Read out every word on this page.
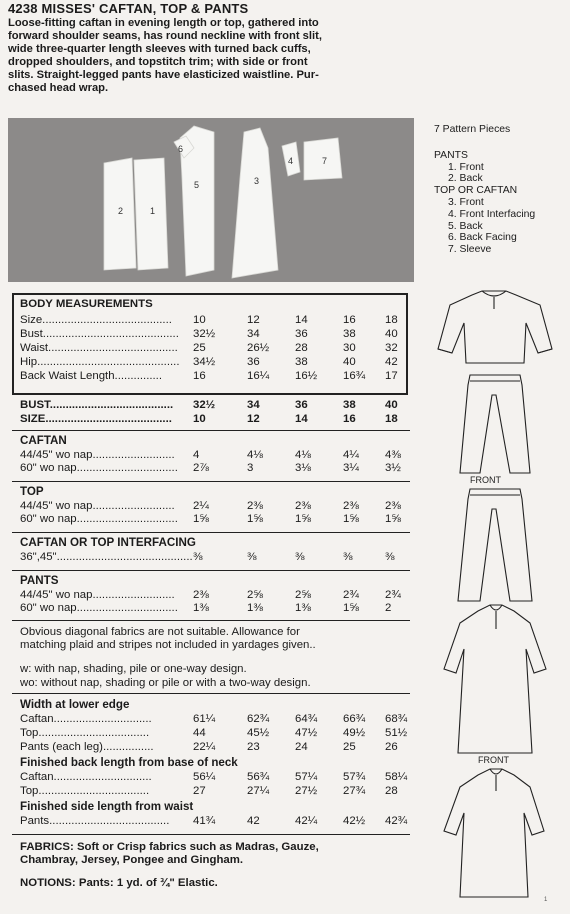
4238 MISSES' CAFTAN, TOP & PANTS
Loose-fitting caftan in evening length or top, gathered into
forward shoulder seams, has round neckline with front slit,
wide three-quarter length sleeves with turned back cuffs,
dropped shoulders, and topstitch trim; with side or front
slits. Straight-legged pants have elasticized waistline. Pur-
chased head wrap.
1
2
5
6
3
4	7
7 Pattern Pieces
PANTS
1. Front
2. Back
TOP OR CAFTAN
3. Front
4. Front Interfacing
5. Back
6. Back Facing
7. Sleeve
BODY MEASUREMENTS
Size......................................... 10	12	14	16	18
Bust........................................... 32½	34	36	38	40
Waist......................................... 25	26½	28	30	32
Hip............................................. 34½	36	38	40	42
Back Waist Length...............	16	16¼	16½	16¾	17
BUST....................................... 32½	34	36	38	40
SIZE........................................ 10	12	14	16	18
CAFTAN
44/45" wo nap.......................... 4	4⅛	4⅛	4¼	4⅜
60" wo nap................................ 2⅞	3	3⅛	3¼	3½
TOP
44/45" wo nap.......................... 2¼	2⅜	2⅜	2⅜	2⅜
60" wo nap................................ 1⅝	1⅝	1⅝	1⅝	1⅝
CAFTAN OR TOP INTERFACING
36",45"........................................... ⅜	⅜	⅜	⅜	⅜
PANTS
44/45" wo nap.......................... 2⅜	2⅝	2⅝	2¾	2¾
60" wo nap................................ 1⅜	1⅜	1⅜	1⅝	2
Obvious diagonal fabrics are not suitable. Allowance for
matching plaid and stripes not included in yardages given..
w: with nap, shading, pile or one-way design.
wo: without nap, shading or pile or with a two-way design.
Width at lower edge
Caftan...............................	61¼	62¾	64¾	66¾	68¾
Top...................................	44	45½	47½	49½	51½
Pants (each leg)................	22¼	23	24	25	26
Finished back length from base of neck
Caftan...............................	56¼	56¾	57¼	57¾	58¼
Top...................................	27	27¼	27½	27¾	28
Finished side length from waist
Pants...................................... 41¾	42	42¼	42½	42¾
FABRICS: Soft or Crisp fabrics such as Madras, Gauze,
Chambray, Jersey, Pongee and Gingham.
NOTIONS: Pants: 1 yd. of ¾" Elastic.
FRONT
FRONT
1
